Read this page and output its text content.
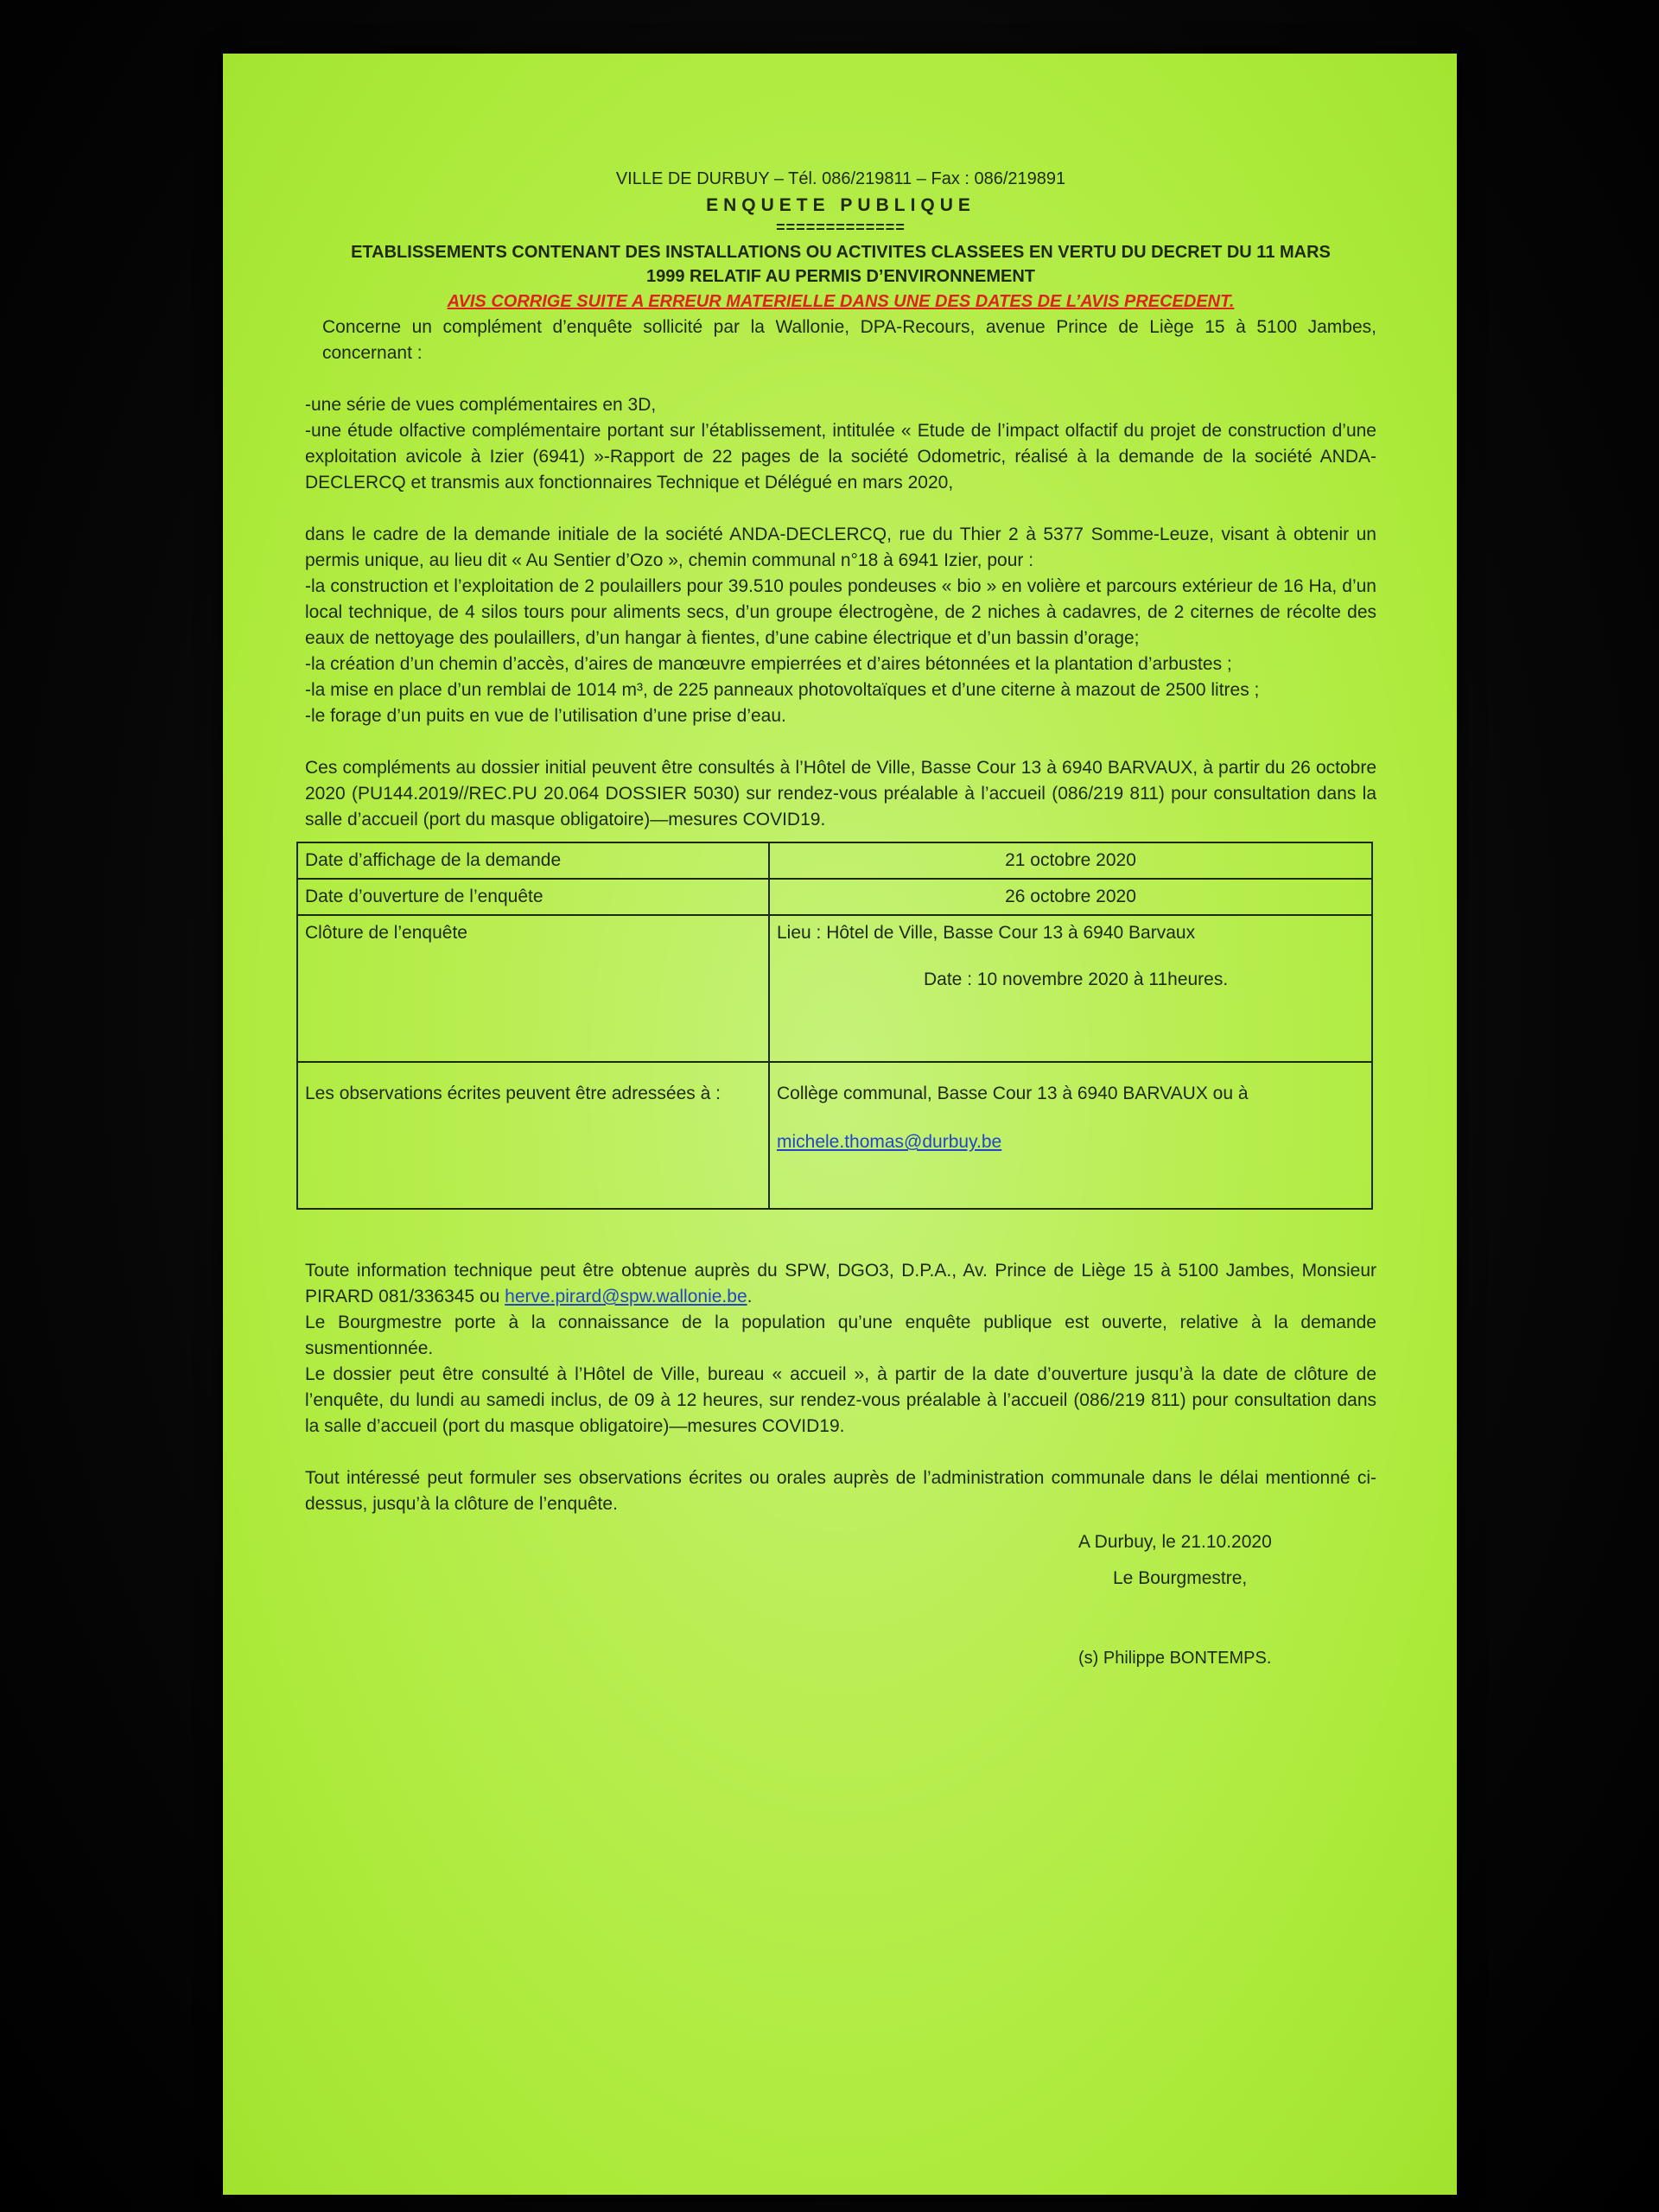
VILLE DE DURBUY – Tél. 086/219811 – Fax : 086/219891
ENQUETE PUBLIQUE
=============
ETABLISSEMENTS CONTENANT DES INSTALLATIONS OU ACTIVITES CLASSEES EN VERTU DU DECRET DU 11 MARS
1999 RELATIF AU PERMIS D’ENVIRONNEMENT
AVIS CORRIGE SUITE A ERREUR MATERIELLE DANS UNE DES DATES DE L’AVIS PRECEDENT.

Concerne un complément d’enquête sollicité par la Wallonie, DPA-Recours, avenue Prince de Liège 15 à 5100 Jambes, concernant :

-une série de vues complémentaires en 3D,

-une étude olfactive complémentaire portant sur l’établissement, intitulée « Etude de l’impact olfactif du projet de construction d’une exploitation avicole à Izier (6941) »-Rapport de 22 pages de la société Odometric, réalisé à la demande de la société ANDA-DECLERCQ et transmis aux fonctionnaires Technique et Délégué en mars 2020,

dans le cadre de la demande initiale de la société ANDA-DECLERCQ, rue du Thier 2 à 5377 Somme-Leuze, visant à obtenir un permis unique, au lieu dit « Au Sentier d’Ozo », chemin communal n°18 à 6941 Izier, pour :

-la construction et l’exploitation de 2 poulaillers pour 39.510 poules pondeuses « bio » en volière et parcours extérieur de 16 Ha, d’un local technique, de 4 silos tours pour aliments secs, d’un groupe électrogène, de 2 niches à cadavres, de 2 citernes de récolte des eaux de nettoyage des poulaillers, d’un hangar à fientes, d’une cabine électrique et d’un bassin d’orage;

-la création d’un chemin d’accès, d’aires de manœuvre empierrées et d’aires bétonnées et la plantation d’arbustes ;

-la mise en place d’un remblai de 1014 m³, de 225 panneaux photovoltaïques et d’une citerne à mazout de 2500 litres ;

-le forage d’un puits en vue de l’utilisation d’une prise d’eau.

Ces compléments au dossier initial peuvent être consultés à l’Hôtel de Ville, Basse Cour 13 à 6940 BARVAUX, à partir du 26 octobre 2020 (PU144.2019//REC.PU 20.064 DOSSIER 5030) sur rendez-vous préalable à l’accueil (086/219 811) pour consultation dans la salle d’accueil (port du masque obligatoire)—mesures COVID19.

Date d’affichage de la demande	21 octobre 2020
Date d’ouverture de l’enquête	26 octobre 2020
Clôture de l’enquête	Lieu : Hôtel de Ville, Basse Cour 13 à 6940 Barvaux
Date : 10 novembre 2020 à 11heures.

Les observations écrites peuvent être adressées à :	Collège communal, Basse Cour 13 à 6940 BARVAUX ou à
michele.thomas@durbuy.be

Toute information technique peut être obtenue auprès du SPW, DGO3, D.P.A., Av. Prince de Liège 15 à 5100 Jambes, Monsieur PIRARD 081/336345 ou herve.pirard@spw.wallonie.be.

Le Bourgmestre porte à la connaissance de la population qu’une enquête publique est ouverte, relative à la demande susmentionnée.

Le dossier peut être consulté à l’Hôtel de Ville, bureau « accueil », à partir de la date d’ouverture jusqu’à la date de clôture de l’enquête, du lundi au samedi inclus, de 09 à 12 heures, sur rendez-vous préalable à l’accueil (086/219 811) pour consultation dans la salle d’accueil (port du masque obligatoire)—mesures COVID19.

Tout intéressé peut formuler ses observations écrites ou orales auprès de l’administration communale dans le délai mentionné ci-dessus, jusqu’à la clôture de l’enquête.

A Durbuy, le 21.10.2020
Le Bourgmestre,
(s) Philippe BONTEMPS.
